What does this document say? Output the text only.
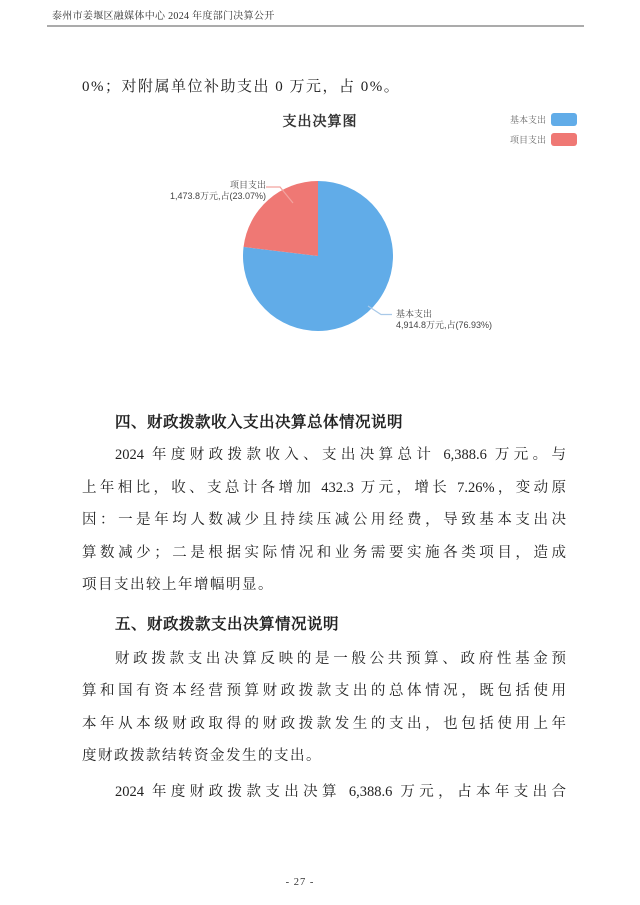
泰州市姜堰区融媒体中心 2024 年度部门决算公开
0%；对附属单位补助支出 0 万元，占 0%。
支出决算图	基本支出
项目支出
项目支出
1,473.8万元,占(23.07%)
基本支出
4,914.8万元,占(76.93%)
四、财政拨款收入支出决算总体情况说明
2024 年度财政拨款收入、支出决算总计 6,388.6 万元。与
上年相比，收、支总计各增加 432.3 万元，增长 7.26%，变动原
因：一是年均人数减少且持续压减公用经费，导致基本支出决
算数减少；二是根据实际情况和业务需要实施各类项目，造成
项目支出较上年增幅明显。
五、财政拨款支出决算情况说明
财政拨款支出决算反映的是一般公共预算、政府性基金预
算和国有资本经营预算财政拨款支出的总体情况，既包括使用
本年从本级财政取得的财政拨款发生的支出，也包括使用上年
度财政拨款结转资金发生的支出。
2024 年度财政拨款支出决算 6,388.6 万元，占本年支出合
- 27 -
